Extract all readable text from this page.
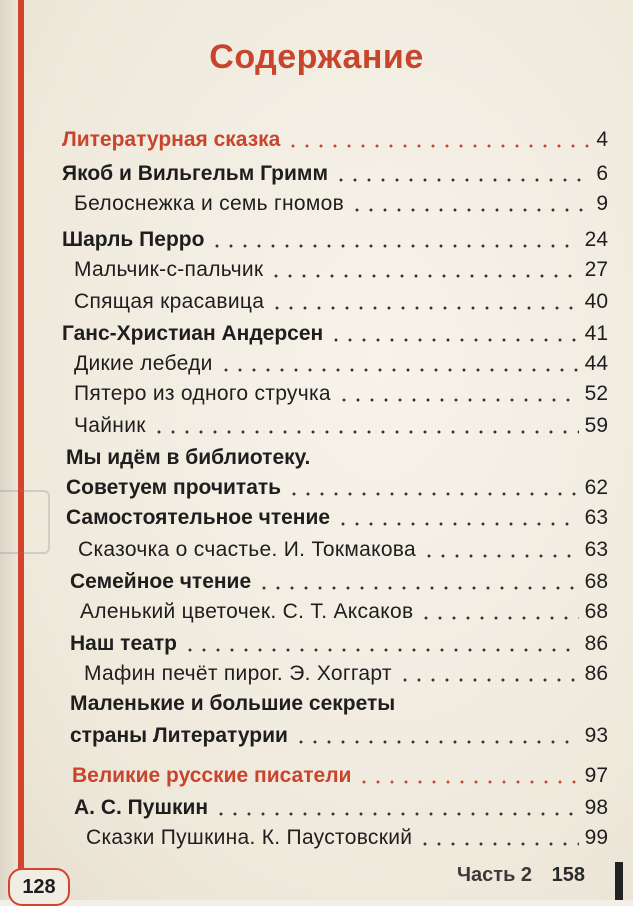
Содержание
Литературная сказка	4
Якоб и Вильгельм Гримм	6
Белоснежка и семь гномов	9
Шарль Перро	24
Мальчик-с-пальчик	27
Спящая красавица	40
Ганс-Христиан Андерсен	41
Дикие лебеди	44
Пятеро из одного стручка	52
Чайник	59
Мы идём в библиотеку.
Советуем прочитать	62
Самостоятельное чтение	63
Сказочка о счастье. И. Токмакова	63
Семейное чтение	68
Аленький цветочек. С. Т. Аксаков	68
Наш театр	86
Мафин печёт пирог. Э. Хоггарт	86
Маленькие и большие секреты
страны Литературии	93
Великие русские писатели	97
А. С. Пушкин	98
Сказки Пушкина. К. Паустовский	99
128
Часть 2 158
